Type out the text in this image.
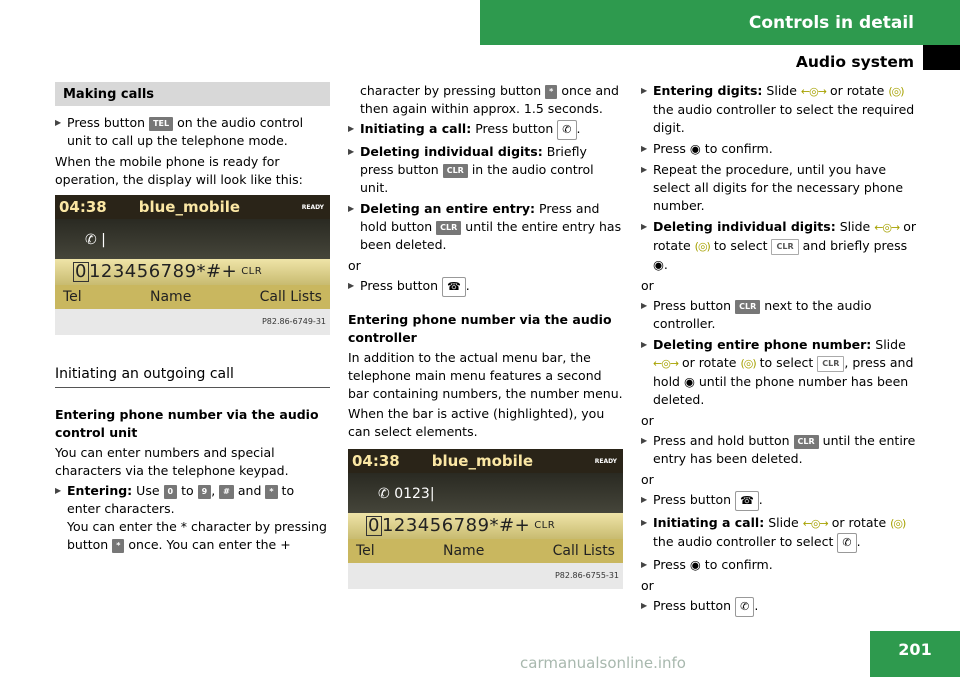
Controls in detail
Audio system
201
carmanualsonline.info
Making calls
▶ Press button TEL on the audio control unit to call up the telephone mode.

When the mobile phone is ready for operation, the display will look like this:

04:38 blue_mobile	READY
✆ |
0 123456789*#+ CLR
Tel	Name	Call Lists
P82.86-6749-31
Initiating an outgoing call

Entering phone number via the audio control unit

You can enter numbers and special characters via the telephone keypad.

▶ Entering: Use 0 to 9 , # and * to enter characters.
You can enter the * character by pressing button * once. You can enter the +

character by pressing button * once and then again within approx. 1.5 seconds.

▶ Initiating a call: Press button ✆ .
▶ Deleting individual digits: Briefly press button CLR in the audio control unit.
▶ Deleting an entire entry: Press and hold button CLR until the entire entry has been deleted.

or

▶ Press button ☎ .

Entering phone number via the audio controller

In addition to the actual menu bar, the telephone main menu features a second bar containing numbers, the number menu.

When the bar is active (highlighted), you can select elements.

04:38 blue_mobile	READY
✆ 0123|
0 123456789*#+ CLR
Tel	Name	Call Lists
P82.86-6755-31
▶ Entering digits: Slide ←◎→ or rotate (◎) the audio controller to select the required digit.
▶ Press ◉ to confirm.
▶ Repeat the procedure, until you have select all digits for the necessary phone number.
▶ Deleting individual digits: Slide ←◎→ or rotate (◎) to select CLR and briefly press ◉.

or

▶ Press button CLR next to the audio controller.
▶ Deleting entire phone number: Slide ←◎→ or rotate (◎) to select CLR , press and hold ◉ until the phone number has been deleted.

or

▶ Press and hold button CLR until the entire entry has been deleted.

or

▶ Press button ☎ .
▶ Initiating a call: Slide ←◎→ or rotate (◎) the audio controller to select ✆ .
▶ Press ◉ to confirm.

or

▶ Press button ✆ .
